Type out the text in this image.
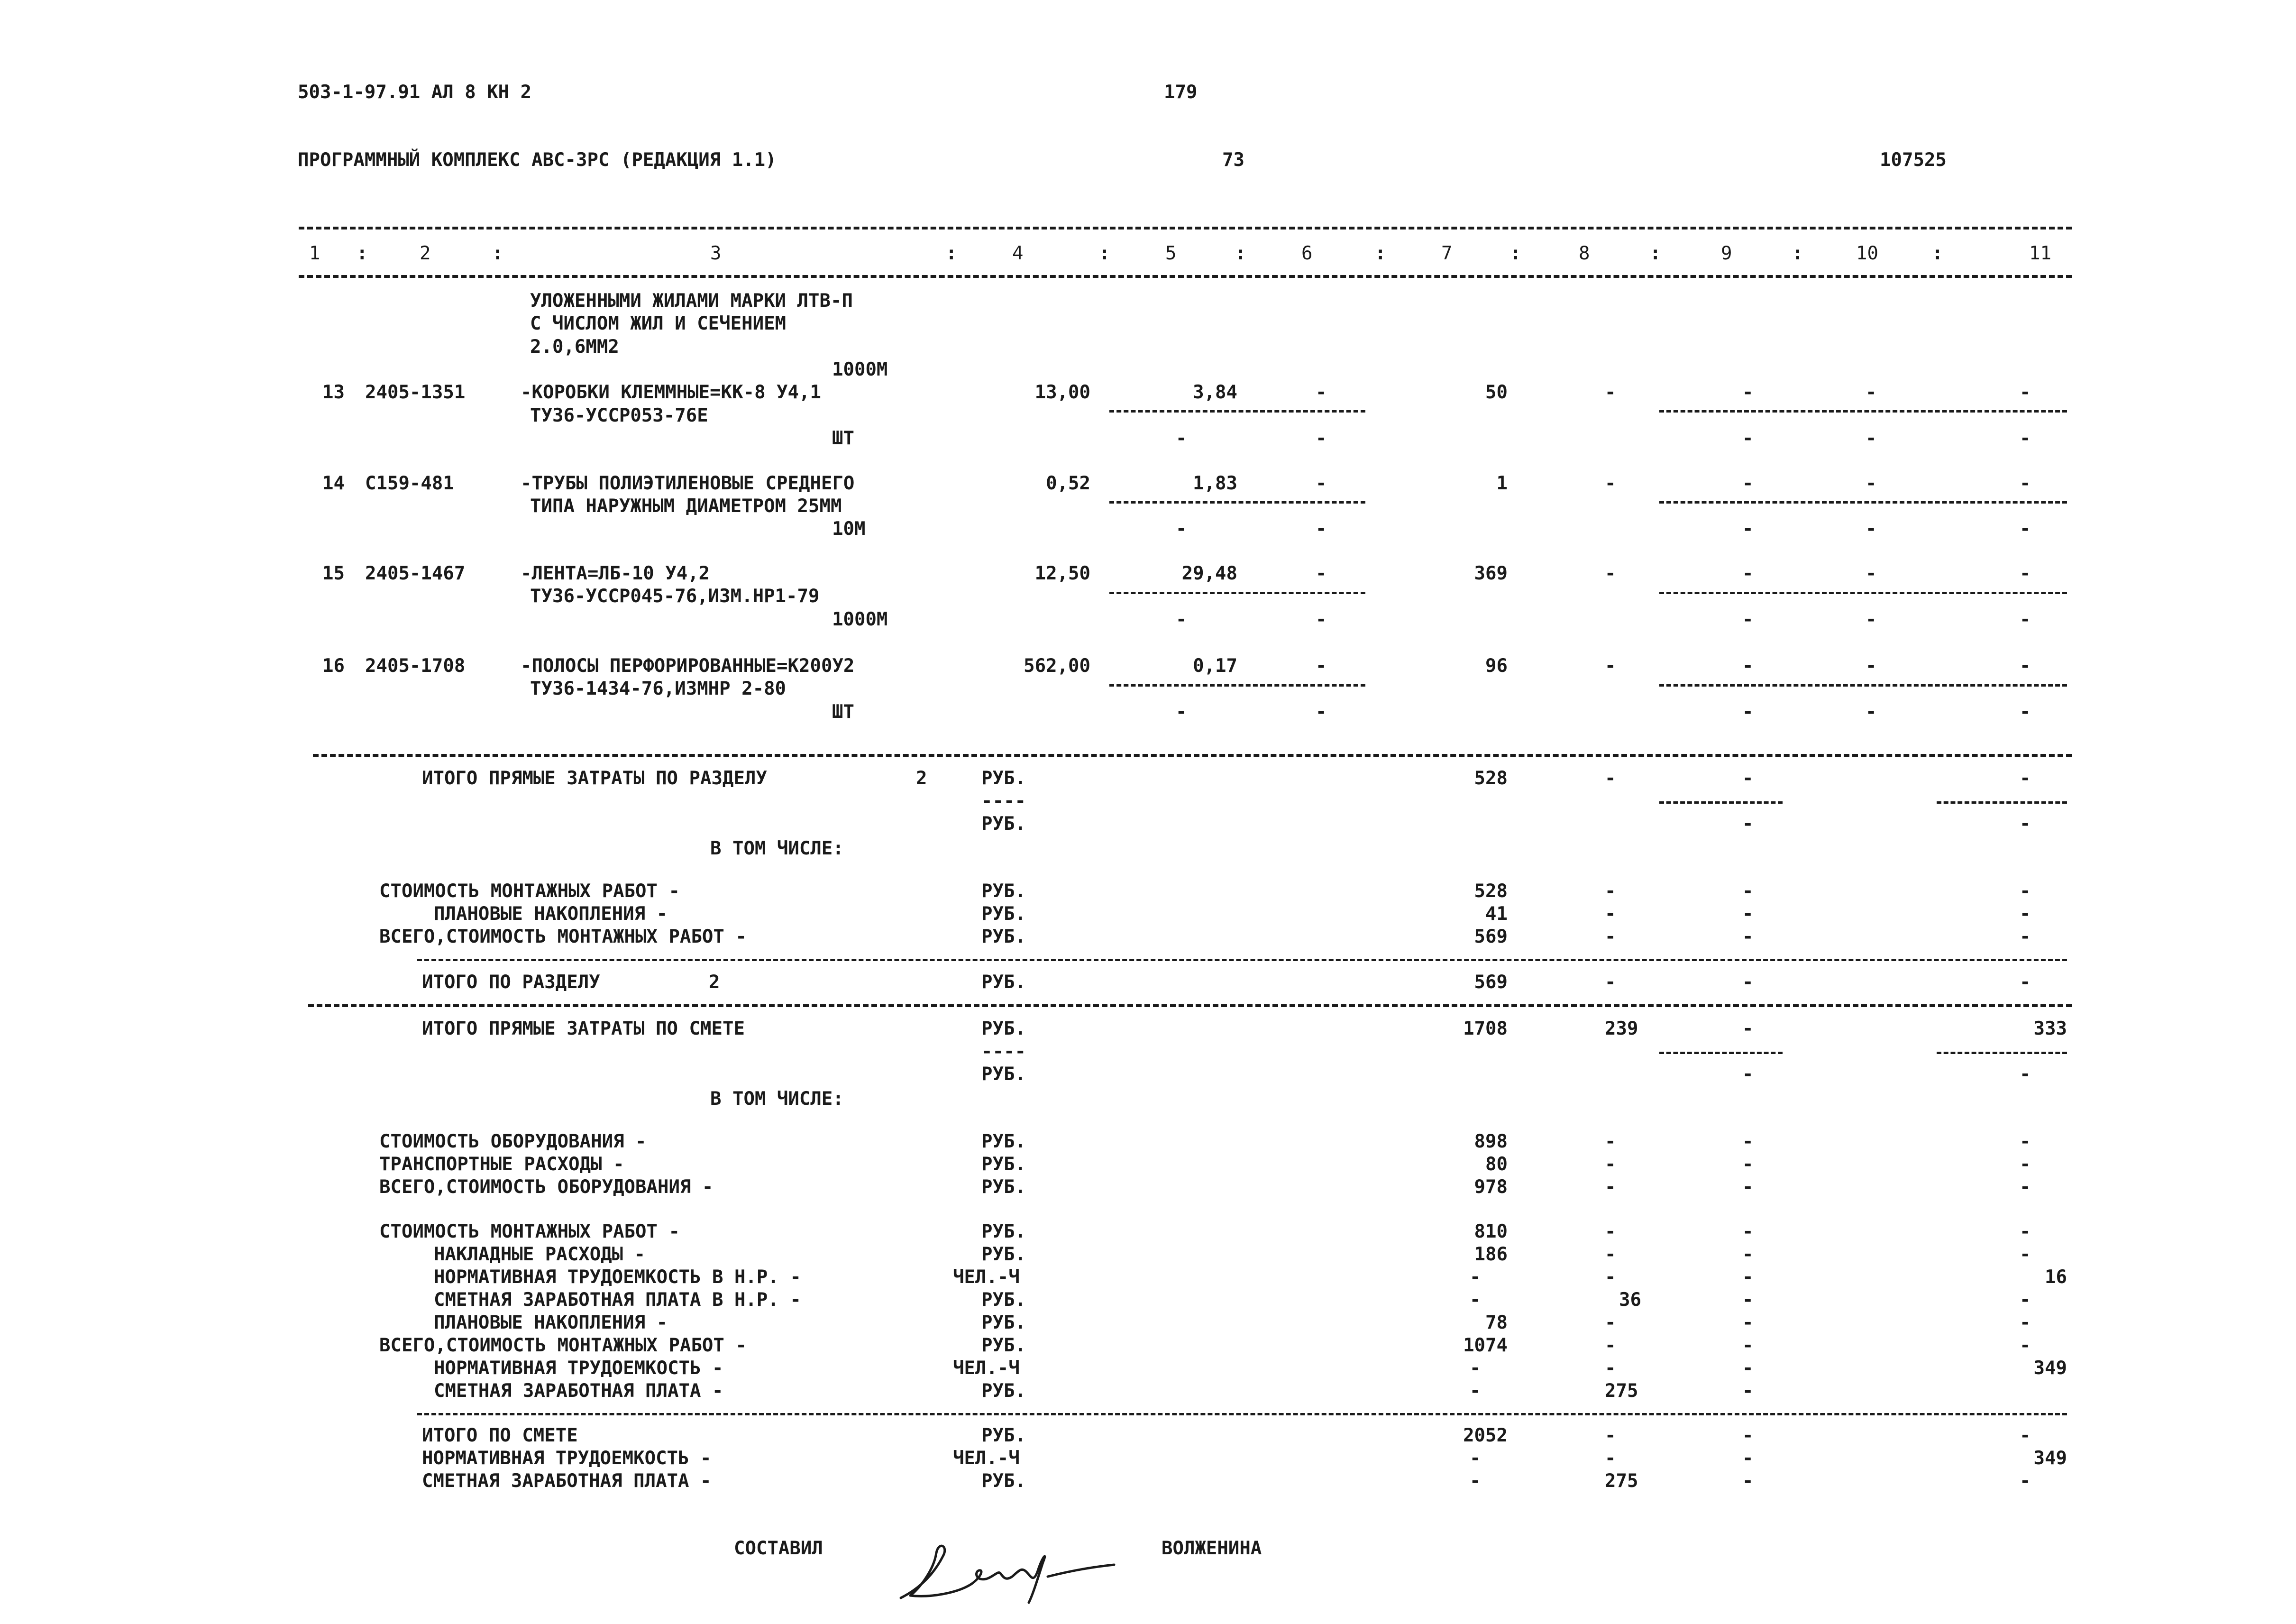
503-1-97.91 АЛ 8 КН 2	179
ПРОГРАММНЫЙ КОМПЛЕКС АВС-3РС (РЕДАКЦИЯ 1.1)	73	107525
1	2	3	4	5	6	7	8	9	10	11
:	:	:	:	:	:	:	:	:	:
УЛОЖЕННЫМИ ЖИЛАМИ МАРКИ ЛТВ-П
С ЧИСЛОМ ЖИЛ И СЕЧЕНИЕМ
2.0,6ММ2
1000М
13 2405-1351	-КОРОБКИ КЛЕММНЫЕ=КК-8 У4,1
ТУ36-УССР053-76Е
ШТ
13,00	3,84	-	50	-	-	-	-
-	-	-	-	-
14 С159-481	-ТРУБЫ ПОЛИЭТИЛЕНОВЫЕ СРЕДНЕГО
ТИПА НАРУЖНЫМ ДИАМЕТРОМ 25ММ
10М
0,52	1,83	-	1	-	-	-	-
-	-	-	-	-
15 2405-1467	-ЛЕНТА=ЛБ-10 У4,2
ТУ36-УССР045-76,ИЗМ.НР1-79
1000М
12,50	29,48	-	369	-	-	-	-
-	-	-	-	-
16 2405-1708	-ПОЛОСЫ ПЕРФОРИРОВАННЫЕ=К200У2
ТУ36-1434-76,ИЗМНР 2-80
ШТ
562,00	0,17	-	96	-	-	-	-
-	-	-	-	-
ИТОГО ПРЯМЫЕ ЗАТРАТЫ ПО РАЗДЕЛУ	2	РУБ.	528	-	-	-
----
РУБ.	-	-
В ТОМ ЧИСЛЕ:
СТОИМОСТЬ МОНТАЖНЫХ РАБОТ -	РУБ.	528	-	-	-
ПЛАНОВЫЕ НАКОПЛЕНИЯ -	РУБ.	41	-	-	-
ВСЕГО,СТОИМОСТЬ МОНТАЖНЫХ РАБОТ -	РУБ.	569	-	-	-
ИТОГО ПО РАЗДЕЛУ	2	РУБ.	569	-	-	-
ИТОГО ПРЯМЫЕ ЗАТРАТЫ ПО СМЕТЕ	РУБ.	1708	239	-	333
----
РУБ.	-	-
В ТОМ ЧИСЛЕ:
СТОИМОСТЬ ОБОРУДОВАНИЯ -	РУБ.	898	-	-	-
ТРАНСПОРТНЫЕ РАСХОДЫ -	РУБ.	80	-	-	-
ВСЕГО,СТОИМОСТЬ ОБОРУДОВАНИЯ -	РУБ.	978	-	-	-
СТОИМОСТЬ МОНТАЖНЫХ РАБОТ -	РУБ.	810	-	-	-
НАКЛАДНЫЕ РАСХОДЫ -	РУБ.	186	-	-	-
НОРМАТИВНАЯ ТРУДОЕМКОСТЬ В Н.Р. -	ЧЕЛ.-Ч	-	-	-	16
СМЕТНАЯ ЗАРАБОТНАЯ ПЛАТА В Н.Р. -	РУБ.	-	36	-	-
ПЛАНОВЫЕ НАКОПЛЕНИЯ -	РУБ.	78	-	-	-
ВСЕГО,СТОИМОСТЬ МОНТАЖНЫХ РАБОТ -	РУБ.	1074	-	-	-
НОРМАТИВНАЯ ТРУДОЕМКОСТЬ -	ЧЕЛ.-Ч	-	-	-	349
СМЕТНАЯ ЗАРАБОТНАЯ ПЛАТА -	РУБ.	-	275	-
ИТОГО ПО СМЕТЕ	РУБ.	2052	-	-	-
НОРМАТИВНАЯ ТРУДОЕМКОСТЬ -	ЧЕЛ.-Ч	-	-	-	349
СМЕТНАЯ ЗАРАБОТНАЯ ПЛАТА -	РУБ.	-	275	-	-
СОСТАВИЛ	ВОЛЖЕНИНА
